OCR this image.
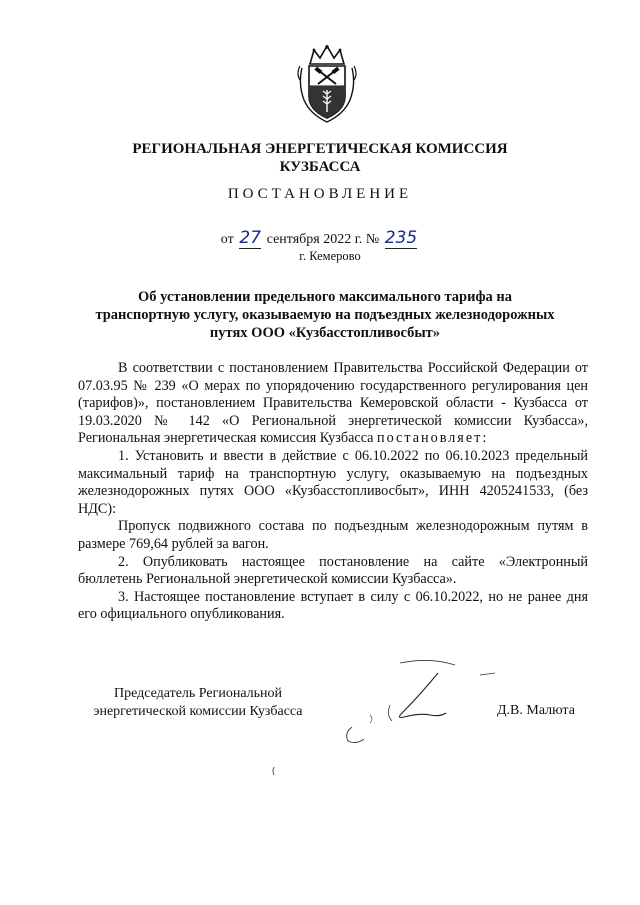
РЕГИОНАЛЬНАЯ ЭНЕРГЕТИЧЕСКАЯ КОМИССИЯ
КУЗБАССА
ПОСТАНОВЛЕНИЕ
от 27 сентября 2022 г. № 235
г. Кемерово
Об установлении предельного максимального тарифа на
транспортную услугу, оказываемую на подъездных железнодорожных
путях ООО «Кузбасстопливосбыт»

В соответствии с постановлением Правительства Российской Федерации от 07.03.95 № 239 «О мерах по упорядочению государственного регулирования цен (тарифов)», постановлением Правительства Кемеровской области - Кузбасса от 19.03.2020 № 142 «О Региональной энергетической комиссии Кузбасса», Региональная энергетическая комиссия Кузбасса постановляет:

1. Установить и ввести в действие с 06.10.2022 по 06.10.2023 предельный максимальный тариф на транспортную услугу, оказываемую на подъездных железнодорожных путях ООО «Кузбасстопливосбыт», ИНН 4205241533, (без НДС):

Пропуск подвижного состава по подъездным железнодорожным путям в размере 769,64 рублей за вагон.

2. Опубликовать настоящее постановление на сайте «Электронный бюллетень Региональной энергетической комиссии Кузбасса».

3. Настоящее постановление вступает в силу с 06.10.2022, но не ранее дня его официального опубликования.

Председатель Региональной
энергетической комиссии Кузбасса	Д.В. Малюта
